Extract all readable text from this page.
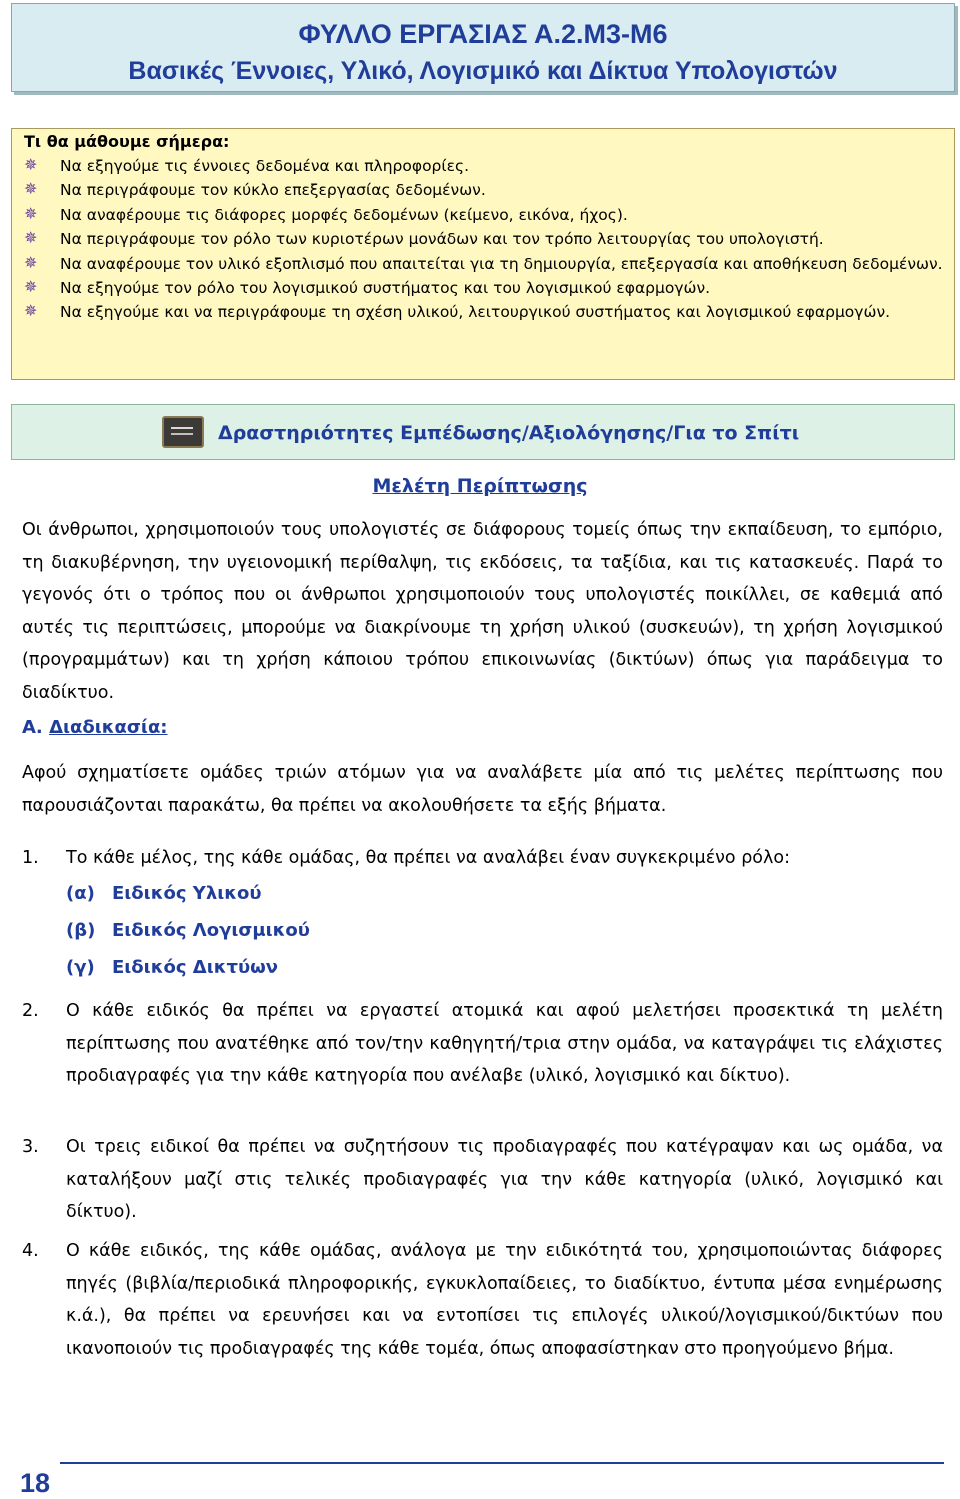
ΦΥΛΛΟ ΕΡΓΑΣΙΑΣ Α.2.Μ3-Μ6
Βασικές Έννοιες, Υλικό, Λογισμικό και Δίκτυα Υπολογιστών
Τι θα μάθουμε σήμερα:
✵ Να εξηγούμε τις έννοιες δεδομένα και πληροφορίες.
✵ Να περιγράφουμε τον κύκλο επεξεργασίας δεδομένων.
✵ Να αναφέρουμε τις διάφορες μορφές δεδομένων (κείμενο, εικόνα, ήχος).
✵ Να περιγράφουμε τον ρόλο των κυριοτέρων μονάδων και τον τρόπο λειτουργίας του υπολογιστή.
✵ Να αναφέρουμε τον υλικό εξοπλισμό που απαιτείται για τη δημιουργία, επεξεργασία και αποθήκευση δεδομένων.
✵ Να εξηγούμε τον ρόλο του λογισμικού συστήματος και του λογισμικού εφαρμογών.
✵ Να εξηγούμε και να περιγράφουμε τη σχέση υλικού, λειτουργικού συστήματος και λογισμικού εφαρμογών.
Δραστηριότητες Εμπέδωσης/Αξιολόγησης/Για το Σπίτι
Μελέτη Περίπτωσης
Οι άνθρωποι, χρησιμοποιούν τους υπολογιστές σε διάφορους τομείς όπως την εκπαίδευση, το εμπόριο, τη διακυβέρνηση, την υγειονομική περίθαλψη, τις εκδόσεις, τα ταξίδια, και τις κατασκευές. Παρά το γεγονός ότι ο τρόπος που οι άνθρωποι χρησιμοποιούν τους υπολογιστές ποικίλλει, σε καθεμιά από αυτές τις περιπτώσεις, μπορούμε να διακρίνουμε τη χρήση υλικού (συσκευών), τη χρήση λογισμικού (προγραμμάτων) και τη χρήση κάποιου τρόπου επικοινωνίας (δικτύων) όπως για παράδειγμα το διαδίκτυο.
Α. Διαδικασία:
Αφού σχηματίσετε ομάδες τριών ατόμων για να αναλάβετε μία από τις μελέτες περίπτωσης που παρουσιάζονται παρακάτω, θα πρέπει να ακολουθήσετε τα εξής βήματα.
1. Το κάθε μέλος, της κάθε ομάδας, θα πρέπει να αναλάβει έναν συγκεκριμένο ρόλο:
(α) Ειδικός Υλικού
(β) Ειδικός Λογισμικού
(γ) Ειδικός Δικτύων
2. Ο κάθε ειδικός θα πρέπει να εργαστεί ατομικά και αφού μελετήσει προσεκτικά τη μελέτη περίπτωσης που ανατέθηκε από τον/την καθηγητή/τρια στην ομάδα, να καταγράψει τις ελάχιστες προδιαγραφές για την κάθε κατηγορία που ανέλαβε (υλικό, λογισμικό και δίκτυο).
3. Οι τρεις ειδικοί θα πρέπει να συζητήσουν τις προδιαγραφές που κατέγραψαν και ως ομάδα, να καταλήξουν μαζί στις τελικές προδιαγραφές για την κάθε κατηγορία (υλικό, λογισμικό και δίκτυο).
4. Ο κάθε ειδικός, της κάθε ομάδας, ανάλογα με την ειδικότητά του, χρησιμοποιώντας διάφορες πηγές (βιβλία/περιοδικά πληροφορικής, εγκυκλοπαίδειες, το διαδίκτυο, έντυπα μέσα ενημέρωσης κ.ά.), θα πρέπει να ερευνήσει και να εντοπίσει τις επιλογές υλικού/λογισμικού/δικτύων που ικανοποιούν τις προδιαγραφές της κάθε τομέα, όπως αποφασίστηκαν στο προηγούμενο βήμα.
18
